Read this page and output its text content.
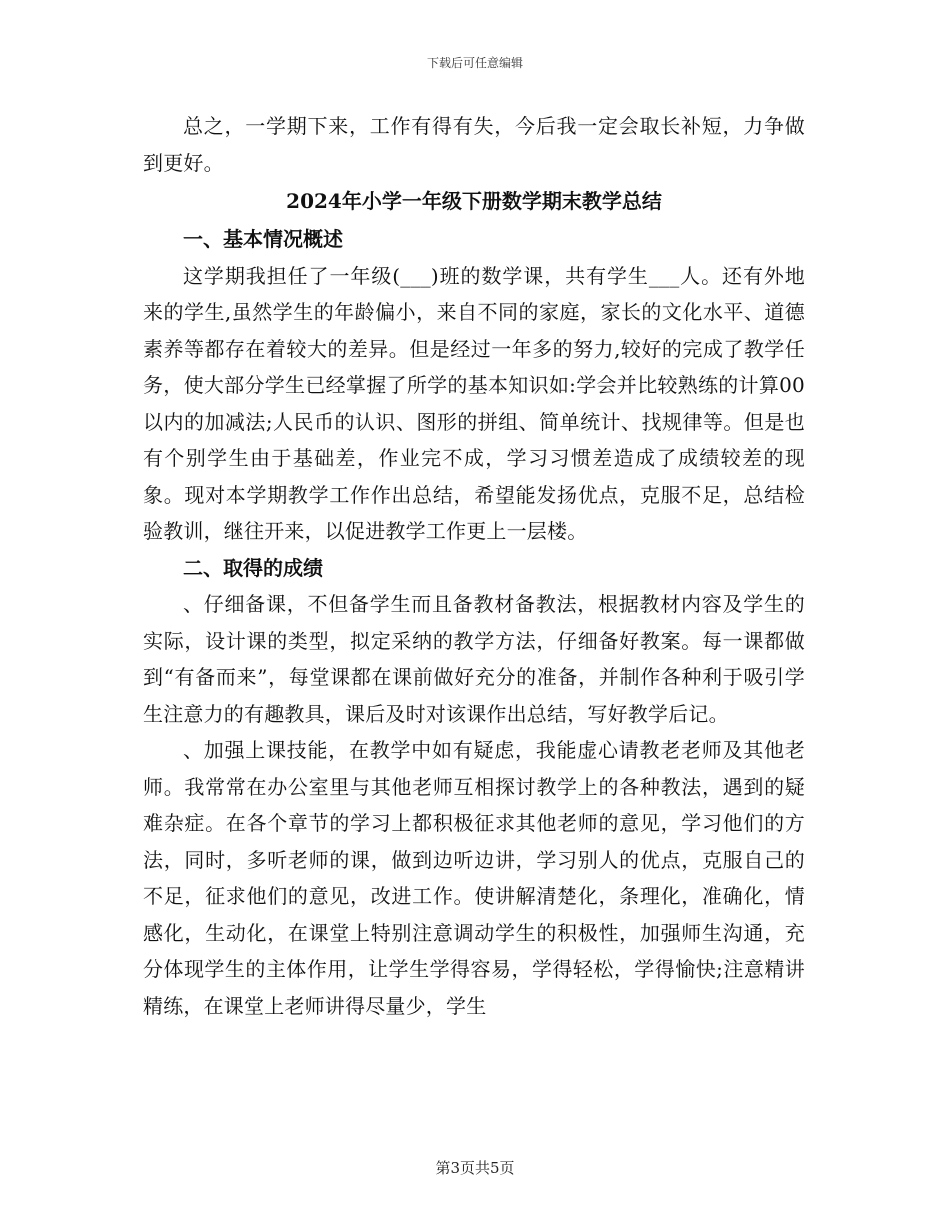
下载后可任意编辑

总之，一学期下来，工作有得有失，今后我一定会取长补短，力争做到更好。

2024年小学一年级下册数学期末教学总结
一、基本情况概述

这学期我担任了一年级(___)班的数学课，共有学生___人。还有外地来的学生,虽然学生的年龄偏小，来自不同的家庭，家长的文化水平、道德素养等都存在着较大的差异。但是经过一年多的努力,较好的完成了教学任务，使大部分学生已经掌握了所学的基本知识如:学会并比较熟练的计算00以内的加减法;人民币的认识、图形的拼组、简单统计、找规律等。但是也有个别学生由于基础差，作业完不成，学习习惯差造成了成绩较差的现象。现对本学期教学工作作出总结，希望能发扬优点，克服不足，总结检验教训，继往开来，以促进教学工作更上一层楼。

二、取得的成绩

、仔细备课，不但备学生而且备教材备教法，根据教材内容及学生的实际，设计课的类型，拟定采纳的教学方法，仔细备好教案。每一课都做到“有备而来”，每堂课都在课前做好充分的准备，并制作各种利于吸引学生注意力的有趣教具，课后及时对该课作出总结，写好教学后记。

、加强上课技能，在教学中如有疑虑，我能虚心请教老老师及其他老师。我常常在办公室里与其他老师互相探讨教学上的各种教法，遇到的疑难杂症。在各个章节的学习上都积极征求其他老师的意见，学习他们的方法，同时，多听老师的课，做到边听边讲，学习别人的优点，克服自己的不足，征求他们的意见，改进工作。使讲解清楚化，条理化，准确化，情感化，生动化，在课堂上特别注意调动学生的积极性，加强师生沟通，充分体现学生的主体作用，让学生学得容易，学得轻松，学得愉快;注意精讲精练，在课堂上老师讲得尽量少，学生

第3页共5页
